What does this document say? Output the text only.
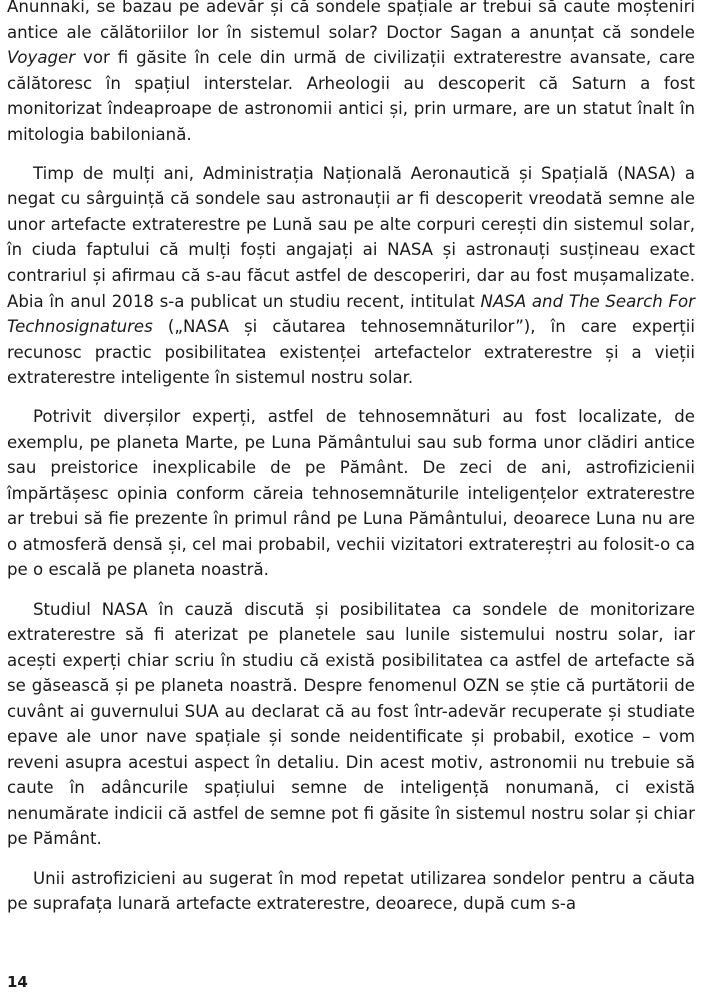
Anunnaki, se bazau pe adevăr și că sondele spațiale ar trebui să caute moșteniri antice ale călătoriilor lor în sistemul solar? Doctor Sagan a anunțat că sondele Voyager vor fi găsite în cele din urmă de civilizații extraterestre avansate, care călătoresc în spațiul interstelar. Arheologii au descoperit că Saturn a fost monitorizat îndeaproape de astronomii antici și, prin urmare, are un statut înalt în mitologia babiloniană.

Timp de mulți ani, Administrația Națională Aeronautică și Spațială (NASA) a negat cu sârguință că sondele sau astronauții ar fi descoperit vreodată semne ale unor artefacte extraterestre pe Lună sau pe alte corpuri cerești din sistemul solar, în ciuda faptului că mulți foști angajați ai NASA și astronauți susțineau exact contrariul și afirmau că s-au făcut astfel de descoperiri, dar au fost mușamalizate. Abia în anul 2018 s-a publicat un studiu recent, intitulat NASA and The Search For Technosignatures („NASA și căutarea tehnosemnăturilor”), în care experții recunosc practic posibilitatea existenței artefactelor extraterestre și a vieții extraterestre inteligente în sistemul nostru solar.

Potrivit diverșilor experți, astfel de tehnosemnături au fost localizate, de exemplu, pe planeta Marte, pe Luna Pământului sau sub forma unor clădiri antice sau preistorice inexplicabile de pe Pământ. De zeci de ani, astrofizicienii împărtășesc opinia conform căreia tehnosemnăturile inteligențelor extraterestre ar trebui să fie prezente în primul rând pe Luna Pământului, deoarece Luna nu are o atmosferă densă și, cel mai probabil, vechii vizitatori extratereștri au folosit-o ca pe o escală pe planeta noastră.

Studiul NASA în cauză discută și posibilitatea ca sondele de monitorizare extraterestre să fi aterizat pe planetele sau lunile sistemului nostru solar, iar acești experți chiar scriu în studiu că există posibilitatea ca astfel de artefacte să se găsească și pe planeta noastră. Despre fenomenul OZN se știe că purtătorii de cuvânt ai guvernului SUA au declarat că au fost într-adevăr recuperate și studiate epave ale unor nave spațiale și sonde neidentificate și probabil, exotice – vom reveni asupra acestui aspect în detaliu. Din acest motiv, astronomii nu trebuie să caute în adâncurile spațiului semne de inteligență nonumană, ci există nenumărate indicii că astfel de semne pot fi găsite în sistemul nostru solar și chiar pe Pământ.

Unii astrofizicieni au sugerat în mod repetat utilizarea sondelor pentru a căuta pe suprafața lunară artefacte extraterestre, deoarece, după cum s-a

14
